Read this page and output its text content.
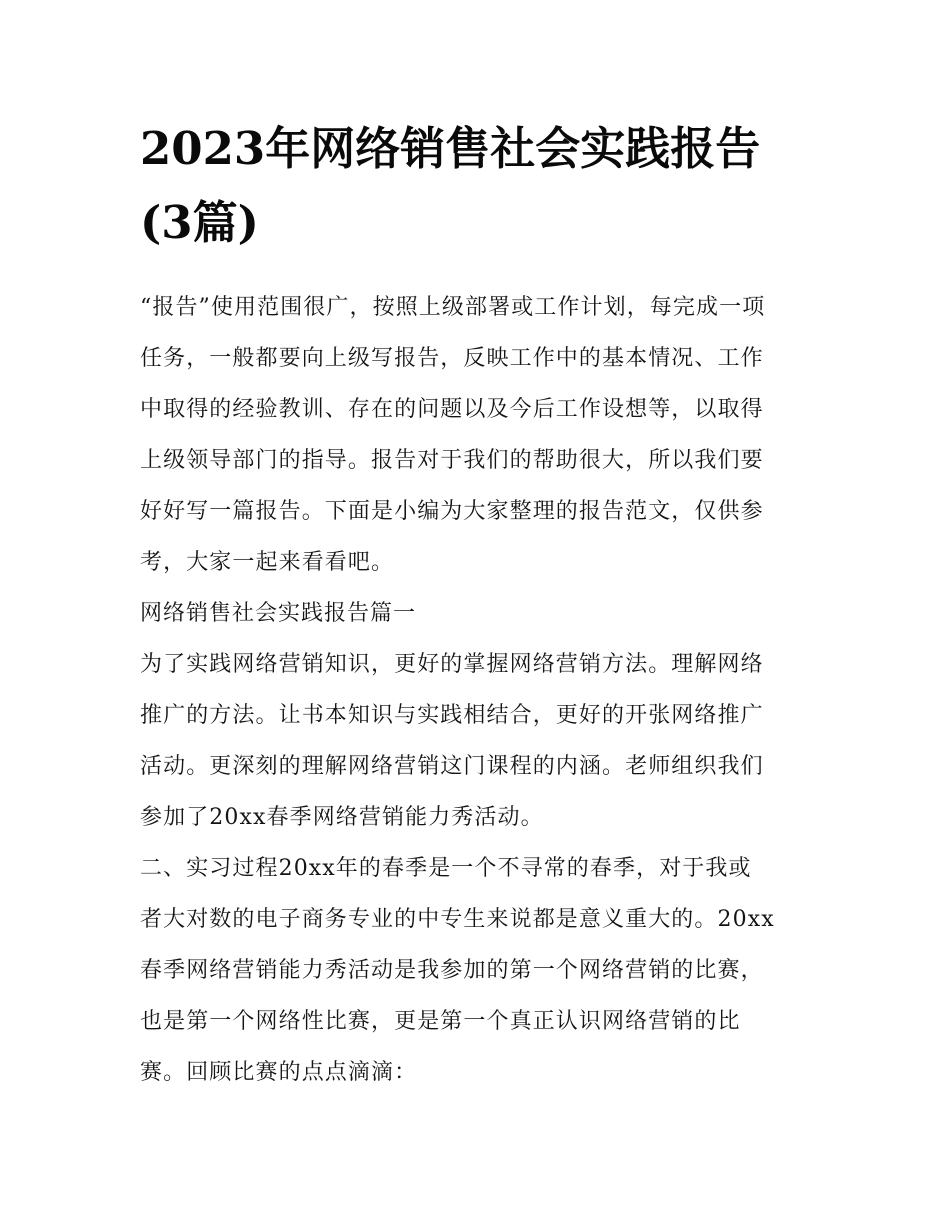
2023年网络销售社会实践报告
(3篇)

“报告”使用范围很广，按照上级部署或工作计划，每完成一项
任务，一般都要向上级写报告，反映工作中的基本情况、工作
中取得的经验教训、存在的问题以及今后工作设想等，以取得
上级领导部门的指导。报告对于我们的帮助很大，所以我们要
好好写一篇报告。下面是小编为大家整理的报告范文，仅供参
考，大家一起来看看吧。

网络销售社会实践报告篇一

为了实践网络营销知识，更好的掌握网络营销方法。理解网络
推广的方法。让书本知识与实践相结合，更好的开张网络推广
活动。更深刻的理解网络营销这门课程的内涵。老师组织我们
参加了20xx春季网络营销能力秀活动。

二、实习过程20xx年的春季是一个不寻常的春季，对于我或
者大对数的电子商务专业的中专生来说都是意义重大的。20xx
春季网络营销能力秀活动是我参加的第一个网络营销的比赛，
也是第一个网络性比赛，更是第一个真正认识网络营销的比
赛。回顾比赛的点点滴滴：
